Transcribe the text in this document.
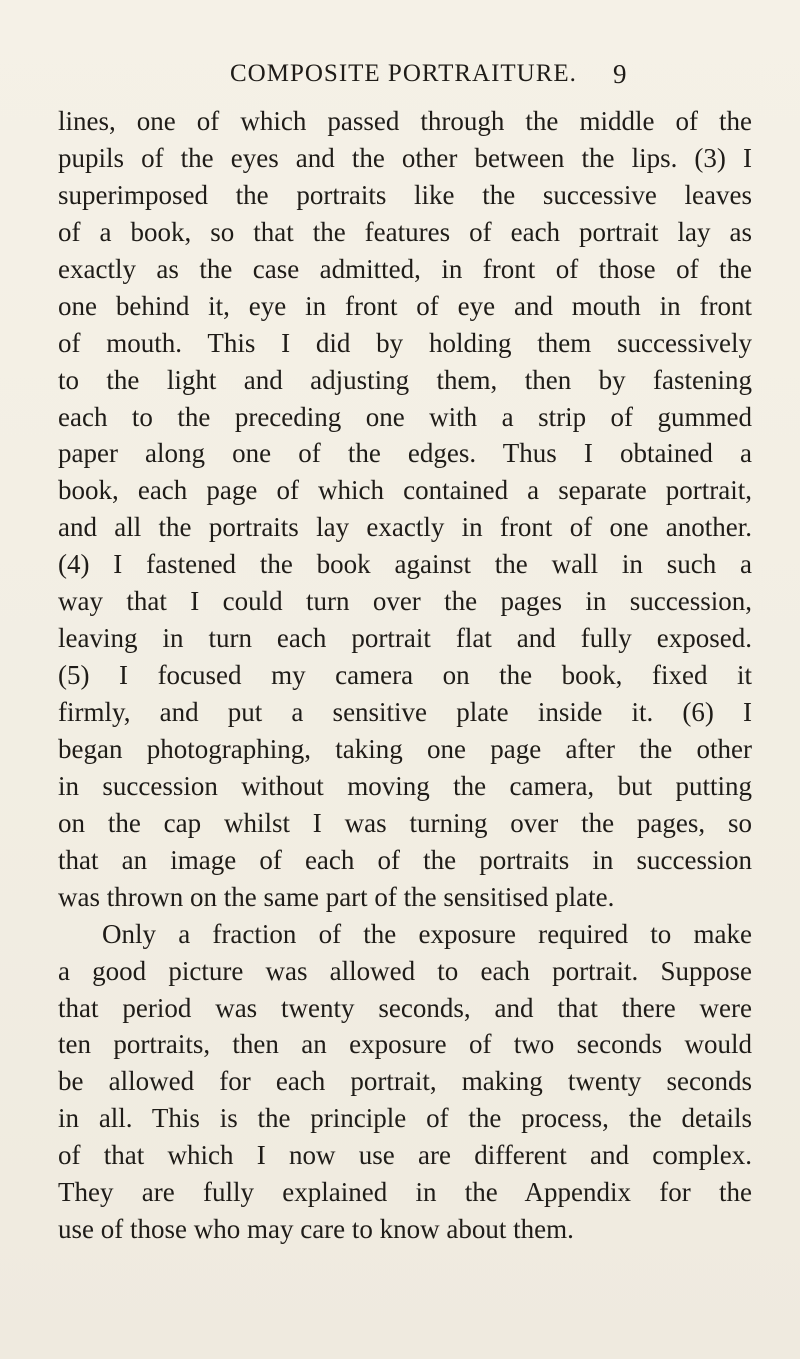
COMPOSITE PORTRAITURE. 9
lines, one of which passed through the middle of the
pupils of the eyes and the other between the lips. (3) I
superimposed the portraits like the successive leaves
of a book, so that the features of each portrait lay as
exactly as the case admitted, in front of those of the
one behind it, eye in front of eye and mouth in front
of mouth. This I did by holding them successively
to the light and adjusting them, then by fastening
each to the preceding one with a strip of gummed
paper along one of the edges. Thus I obtained a
book, each page of which contained a separate portrait,
and all the portraits lay exactly in front of one another.
(4) I fastened the book against the wall in such a
way that I could turn over the pages in succession,
leaving in turn each portrait flat and fully exposed.
(5) I focused my camera on the book, fixed it
firmly, and put a sensitive plate inside it. (6) I
began photographing, taking one page after the other
in succession without moving the camera, but putting
on the cap whilst I was turning over the pages, so
that an image of each of the portraits in succession
was thrown on the same part of the sensitised plate.
Only a fraction of the exposure required to make
a good picture was allowed to each portrait. Suppose
that period was twenty seconds, and that there were
ten portraits, then an exposure of two seconds would
be allowed for each portrait, making twenty seconds
in all. This is the principle of the process, the details
of that which I now use are different and complex.
They are fully explained in the Appendix for the
use of those who may care to know about them.
